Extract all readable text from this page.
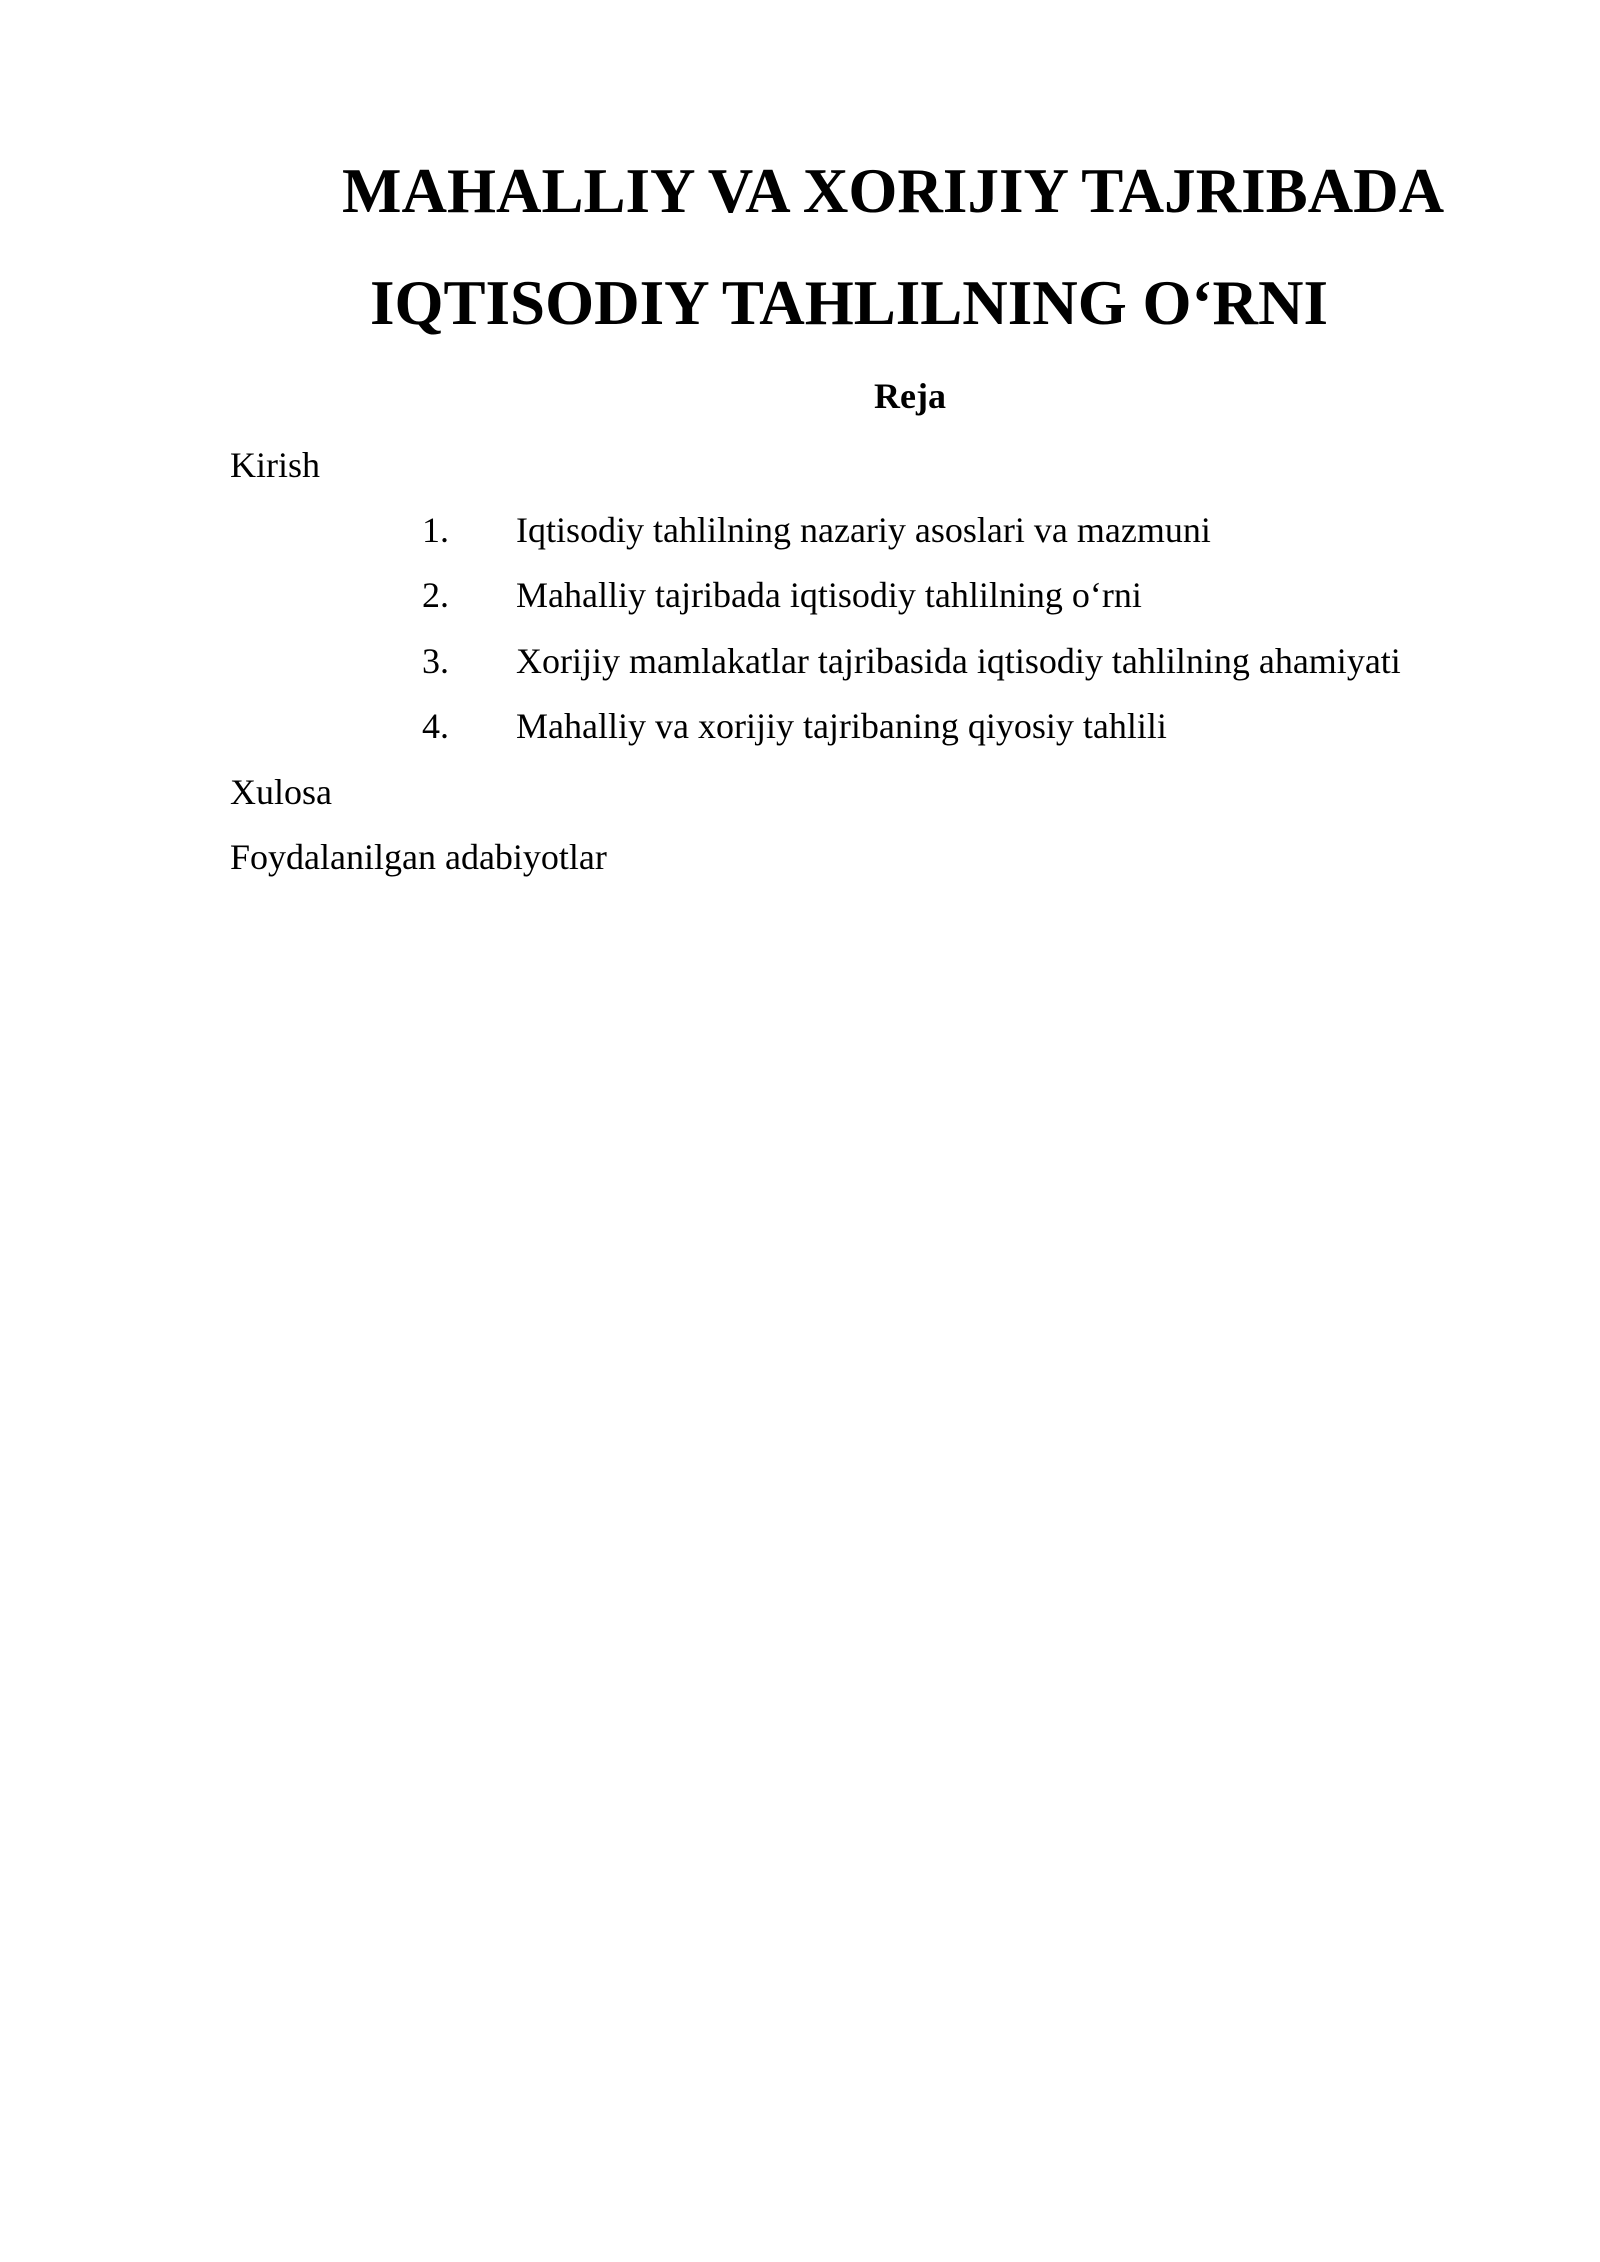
MAHALLIY VA XORIJIY TAJRIBADA
IQTISODIY TAHLILNING O‘RNI

Reja

Kirish

1. Iqtisodiy tahlilning nazariy asoslari va mazmuni
2. Mahalliy tajribada iqtisodiy tahlilning o‘rni
3. Xorijiy mamlakatlar tajribasida iqtisodiy tahlilning ahamiyati
4. Mahalliy va xorijiy tajribaning qiyosiy tahlili

Xulosa

Foydalanilgan adabiyotlar
